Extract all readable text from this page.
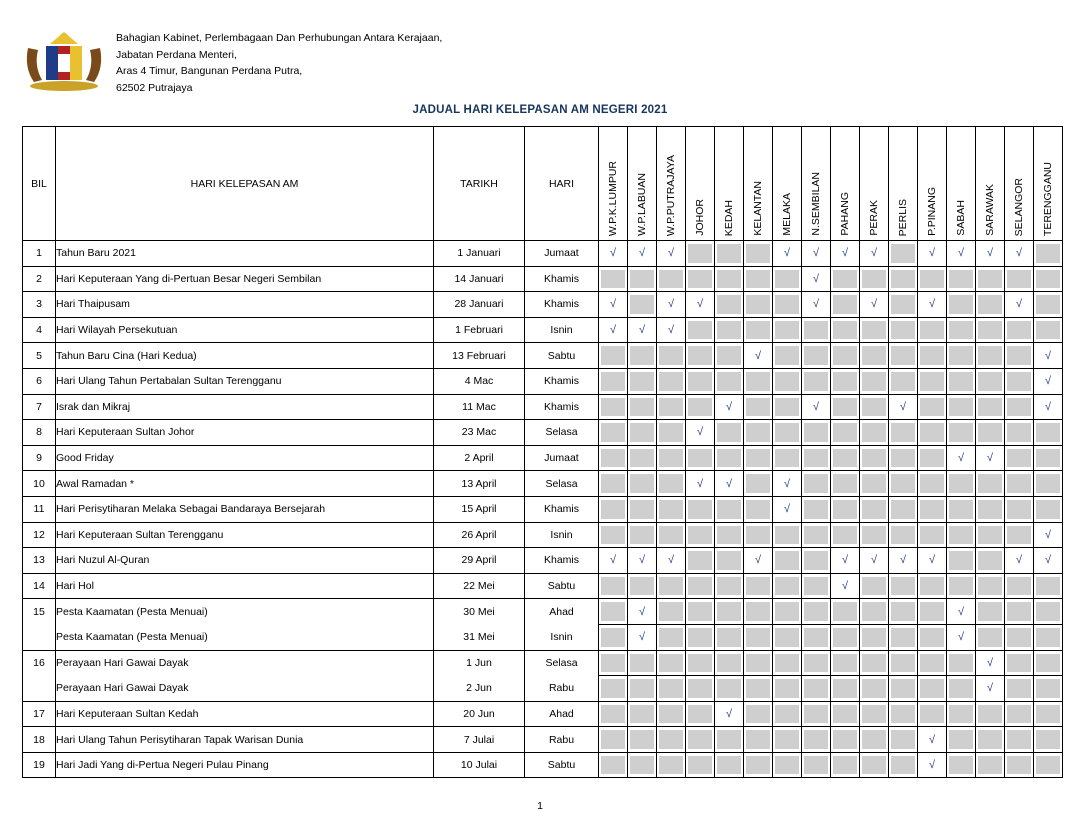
Bahagian Kabinet, Perlembagaan Dan Perhubungan Antara Kerajaan,
Jabatan Perdana Menteri,
Aras 4 Timur, Bangunan Perdana Putra,
62502 Putrajaya
JADUAL HARI KELEPASAN AM NEGERI 2021
BIL	HARI KELEPASAN AM	TARIKH	HARI	W.P.K.LUMPUR	W.P.LABUAN	W.P.PUTRAJAYA	JOHOR	KEDAH	KELANTAN	MELAKA	N.SEMBILAN	PAHANG	PERAK	PERLIS	P.PINANG	SABAH	SARAWAK	SELANGOR	TERENGGANU

1	Tahun Baru 2021	1 Januari	Jumaat	√	√	√				√	√	√	√		√	√	√	√	
2	Hari Keputeraan Yang di-Pertuan Besar Negeri Sembilan	14 Januari	Khamis								√								
3	Hari Thaipusam	28 Januari	Khamis	√		√	√				√		√		√			√	
4	Hari Wilayah Persekutuan	1 Februari	Isnin	√	√	√													
5	Tahun Baru Cina (Hari Kedua)	13 Februari	Sabtu						√										√
6	Hari Ulang Tahun Pertabalan Sultan Terengganu	4 Mac	Khamis																√
7	Israk dan Mikraj	11 Mac	Khamis					√			√			√					√
8	Hari Keputeraan Sultan Johor	23 Mac	Selasa				√												
9	Good Friday	2 April	Jumaat													√	√		
10	Awal Ramadan *	13 April	Selasa				√	√		√									
11	Hari Perisytiharan Melaka Sebagai Bandaraya Bersejarah	15 April	Khamis							√									
12	Hari Keputeraan Sultan Terengganu	26 April	Isnin																√
13	Hari Nuzul Al-Quran	29 April	Khamis	√	√	√			√			√	√	√	√			√	√
14	Hari Hol	22 Mei	Sabtu									√							
15	Pesta Kaamatan (Pesta Menuai)	30 Mei	Ahad		√											√			
	Pesta Kaamatan (Pesta Menuai)	31 Mei	Isnin		√											√			
16	Perayaan Hari Gawai Dayak	1 Jun	Selasa														√		
	Perayaan Hari Gawai Dayak	2 Jun	Rabu														√		
17	Hari Keputeraan Sultan Kedah	20 Jun	Ahad					√											
18	Hari Ulang Tahun Perisytiharan Tapak Warisan Dunia	7 Julai	Rabu												√				
19	Hari Jadi Yang di-Pertua Negeri Pulau Pinang	10 Julai	Sabtu												√				
1
